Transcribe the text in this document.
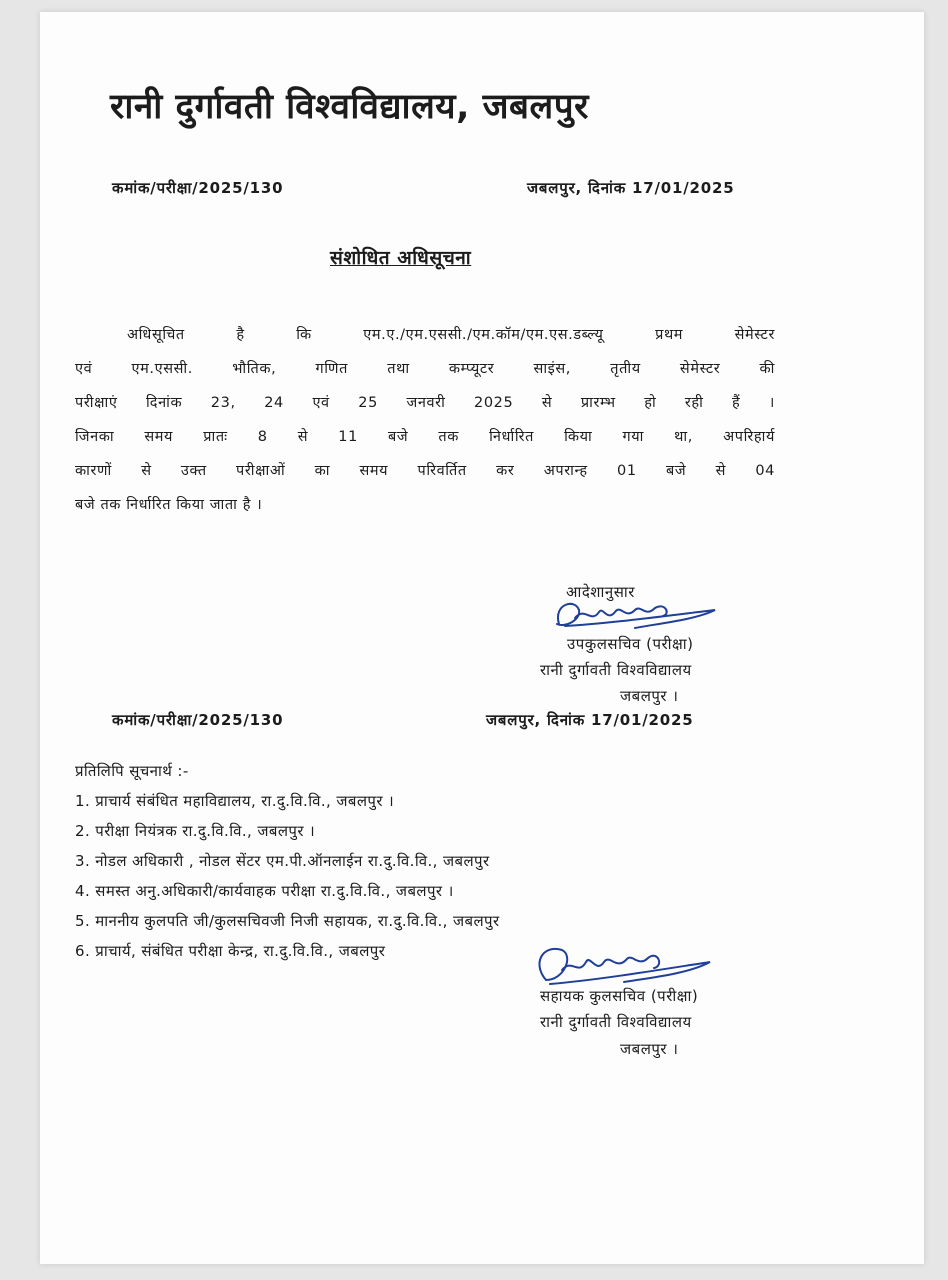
रानी दुर्गावती विश्वविद्यालय, जबलपुर
कमांक/परीक्षा/2025/130	जबलपुर, दिनांक 17/01/2025
संशोधित अधिसूचना
अधिसूचित है कि एम.ए./एम.एससी./एम.कॉम/एम.एस.डब्ल्यू प्रथम सेमेस्टर
एवं एम.एससी. भौतिक, गणित तथा कम्प्यूटर साइंस, तृतीय सेमेस्टर की
परीक्षाएं दिनांक 23, 24 एवं 25 जनवरी 2025 से प्रारम्भ हो रही हैं ।
जिनका समय प्रातः 8 से 11 बजे तक निर्धारित किया गया था, अपरिहार्य
कारणों से उक्त परीक्षाओं का समय परिवर्तित कर अपरान्ह 01 बजे से 04
बजे तक निर्धारित किया जाता है ।
आदेशानुसार
उपकुलसचिव (परीक्षा)
रानी दुर्गावती विश्वविद्यालय
जबलपुर ।
कमांक/परीक्षा/2025/130	जबलपुर, दिनांक 17/01/2025
प्रतिलिपि सूचनार्थ :-
1. प्राचार्य संबंधित महाविद्यालय, रा.दु.वि.वि., जबलपुर ।
2. परीक्षा नियंत्रक रा.दु.वि.वि., जबलपुर ।
3. नोडल अधिकारी , नोडल सेंटर एम.पी.ऑनलाईन रा.दु.वि.वि., जबलपुर
4. समस्त अनु.अधिकारी/कार्यवाहक परीक्षा रा.दु.वि.वि., जबलपुर ।
5. माननीय कुलपति जी/कुलसचिवजी निजी सहायक, रा.दु.वि.वि., जबलपुर
6. प्राचार्य, संबंधित परीक्षा केन्द्र, रा.दु.वि.वि., जबलपुर
सहायक कुलसचिव (परीक्षा)
रानी दुर्गावती विश्वविद्यालय
जबलपुर ।
